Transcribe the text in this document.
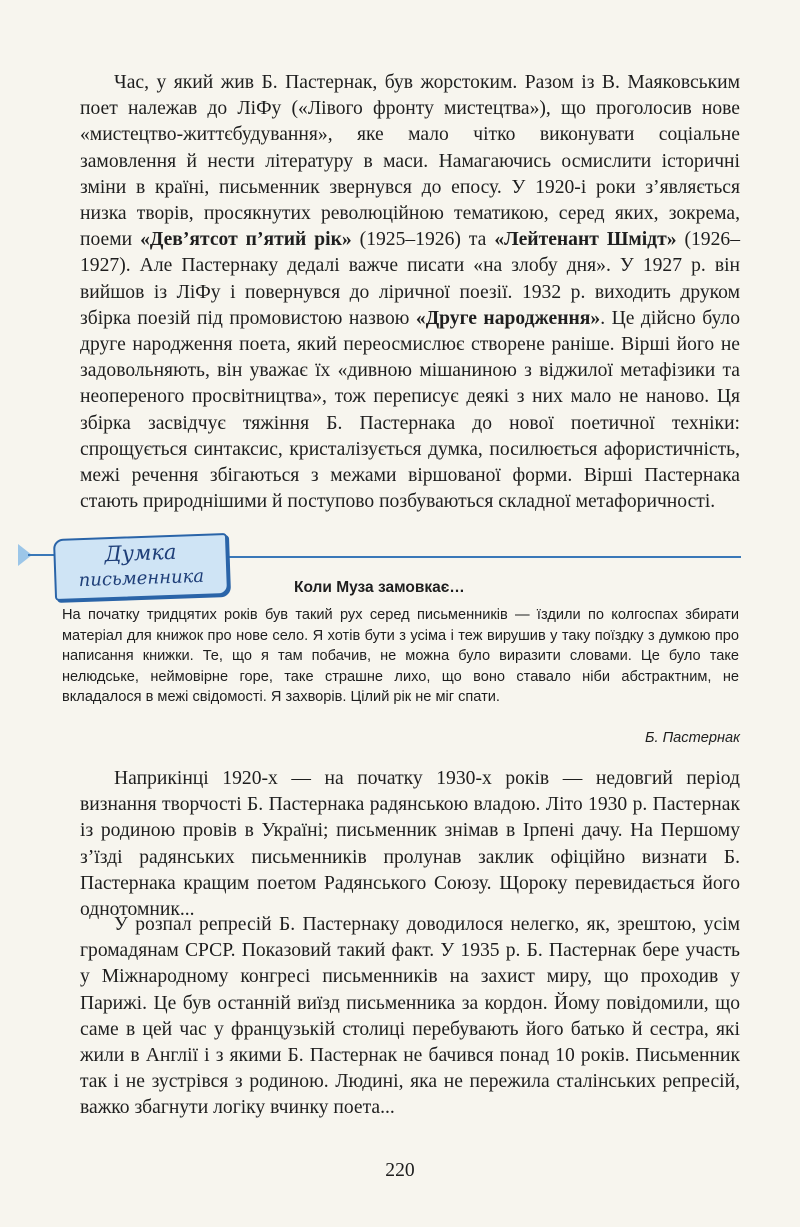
Час, у який жив Б. Пастернак, був жорстоким. Разом із В. Маяковським поет належав до ЛіФу («Лівого фронту мистецтва»), що проголосив нове «мистецтво-життєбудування», яке мало чітко виконувати соціальне замовлення й нести літературу в маси. Намагаючись осмислити історичні зміни в країні, письменник звернувся до епосу. У 1920-і роки з’являється низка творів, просякнутих революційною тематикою, серед яких, зокрема, поеми «Дев’ятсот п’ятий рік» (1925–1926) та «Лейтенант Шмідт» (1926–1927). Але Пастернаку дедалі важче писати «на злобу дня». У 1927 р. він вийшов із ЛіФу і повернувся до ліричної поезії. 1932 р. виходить друком збірка поезій під промовистою назвою «Друге народження». Це дійсно було друге народження поета, який переосмислює створене раніше. Вірші його не задовольняють, він уважає їх «дивною мішаниною з віджилої метафізики та неопереного просвітництва», тож переписує деякі з них мало не наново. Ця збірка засвідчує тяжіння Б. Пастернака до нової поетичної техніки: спрощується синтаксис, кристалізується думка, посилюється афористичність, межі речення збігаються з межами віршованої форми. Вірші Пастернака стають природнішими й поступово позбуваються складної метафоричності.

Думка
письменника	Коли Муза замовкає…

На початку тридцятих років був такий рух серед письменників — їздили по колгоспах збирати матеріал для книжок про нове село. Я хотів бути з усіма і теж вирушив у таку поїздку з думкою про написання книжки. Те, що я там побачив, не можна було виразити словами. Це було таке нелюдське, неймовірне горе, таке страшне лихо, що воно ставало ніби абстрактним, не вкладалося в межі свідомості. Я захворів. Цілий рік не міг спати.

Б. Пастернак

Наприкінці 1920-х — на початку 1930-х років — недовгий період визнання творчості Б. Пастернака радянською владою. Літо 1930 р. Пастернак із родиною провів в Україні; письменник знімав в Ірпені дачу. На Першому з’їзді радянських письменників пролунав заклик офіційно визнати Б. Пастернака кращим поетом Радянського Союзу. Щороку перевидається його однотомник...

У розпал репресій Б. Пастернаку доводилося нелегко, як, зрештою, усім громадянам СРСР. Показовий такий факт. У 1935 р. Б. Пастернак бере участь у Міжнародному конгресі письменників на захист миру, що проходив у Парижі. Це був останній виїзд письменника за кордон. Йому повідомили, що саме в цей час у французькій столиці перебувають його батько й сестра, які жили в Англії і з якими Б. Пастернак не бачився понад 10 років. Письменник так і не зустрівся з родиною. Людині, яка не пережила сталінських репресій, важко збагнути логіку вчинку поета...

220
